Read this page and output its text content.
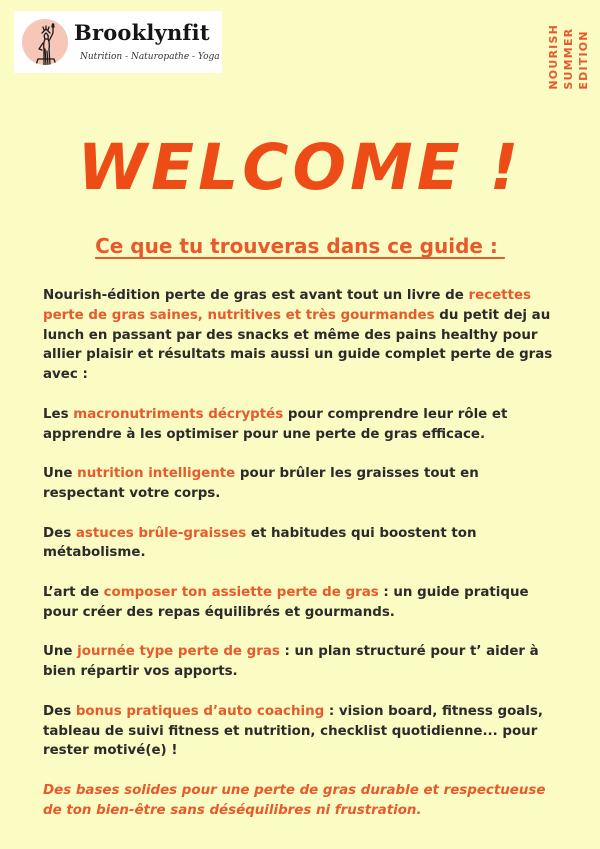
Brooklynfit
Nutrition - Naturopathe - Yoga	NOURISH SUMMER EDITION
WELCOME !
Ce que tu trouveras dans ce guide :

Nourish-édition perte de gras est avant tout un livre de recettes perte de gras saines, nutritives et très gourmandes du petit dej au lunch en passant par des snacks et même des pains healthy pour allier plaisir et résultats mais aussi un guide complet perte de gras avec :

Les macronutriments décryptés pour comprendre leur rôle et apprendre à les optimiser pour une perte de gras efficace.

Une nutrition intelligente pour brûler les graisses tout en respectant votre corps.

Des astuces brûle-graisses et habitudes qui boostent ton métabolisme.

L’art de composer ton assiette perte de gras : un guide pratique pour créer des repas équilibrés et gourmands.

Une journée type perte de gras : un plan structuré pour t’ aider à bien répartir vos apports.

Des bonus pratiques d’auto coaching : vision board, fitness goals, tableau de suivi fitness et nutrition, checklist quotidienne... pour rester motivé(e) !

Des bases solides pour une perte de gras durable et respectueuse de ton bien-être sans déséquilibres ni frustration.
